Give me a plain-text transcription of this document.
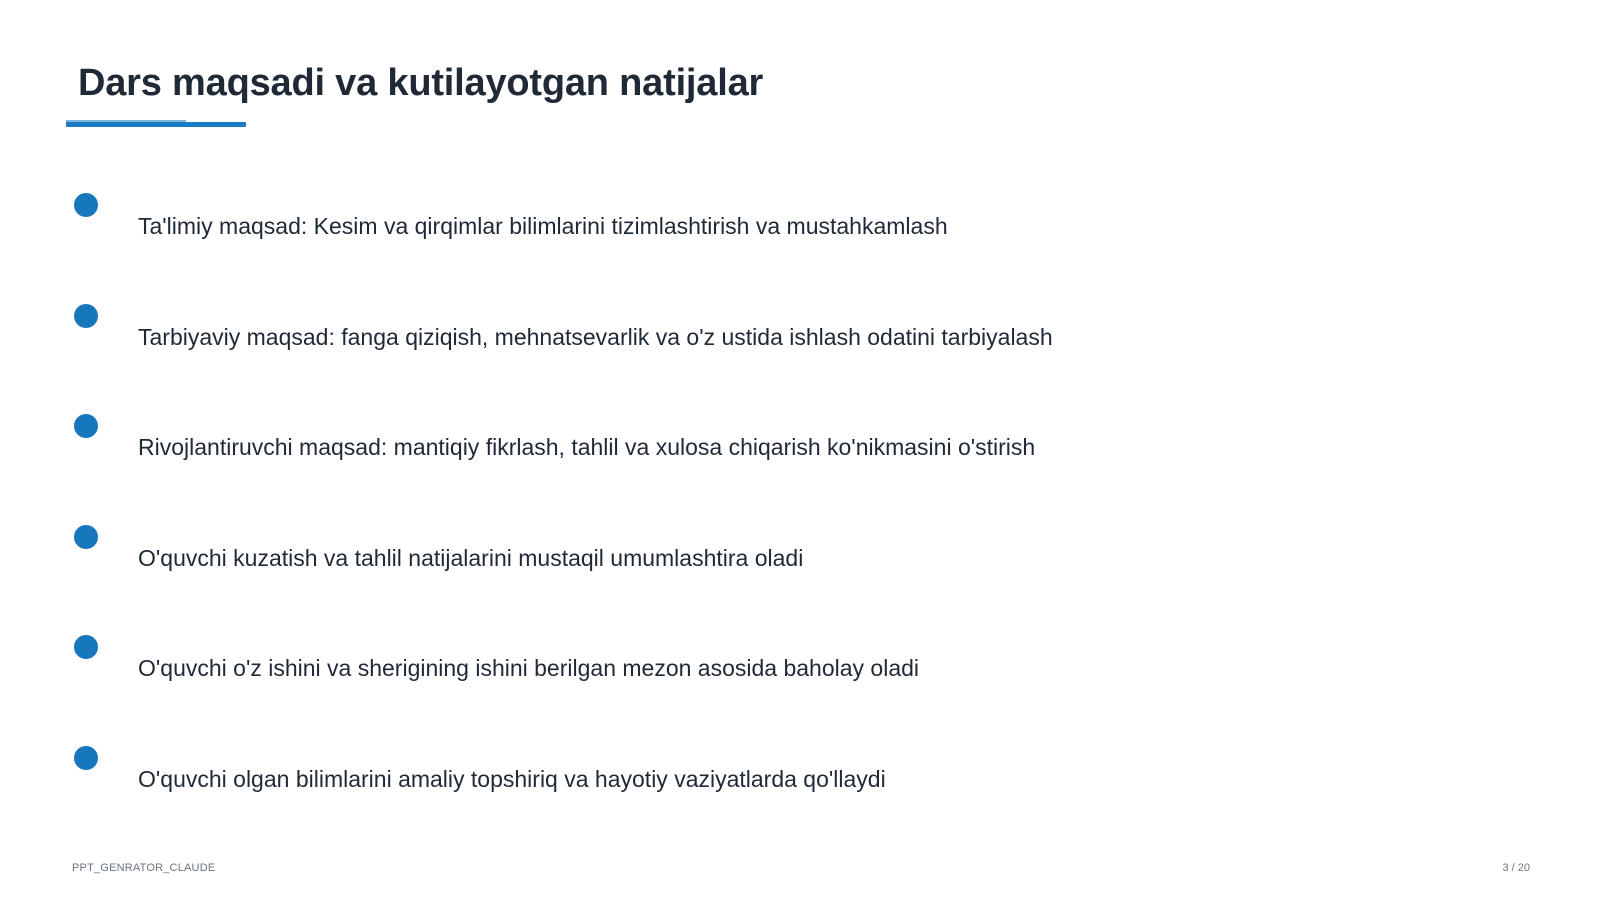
Dars maqsadi va kutilayotgan natijalar
Ta'limiy maqsad: Kesim va qirqimlar bilimlarini tizimlashtirish va mustahkamlash
Tarbiyaviy maqsad: fanga qiziqish, mehnatsevarlik va o'z ustida ishlash odatini tarbiyalash
Rivojlantiruvchi maqsad: mantiqiy fikrlash, tahlil va xulosa chiqarish ko'nikmasini o'stirish
O'quvchi kuzatish va tahlil natijalarini mustaqil umumlashtira oladi
O'quvchi o'z ishini va sherigining ishini berilgan mezon asosida baholay oladi
O'quvchi olgan bilimlarini amaliy topshiriq va hayotiy vaziyatlarda qo'llaydi
PPT_GENRATOR_CLAUDE	3 / 20
